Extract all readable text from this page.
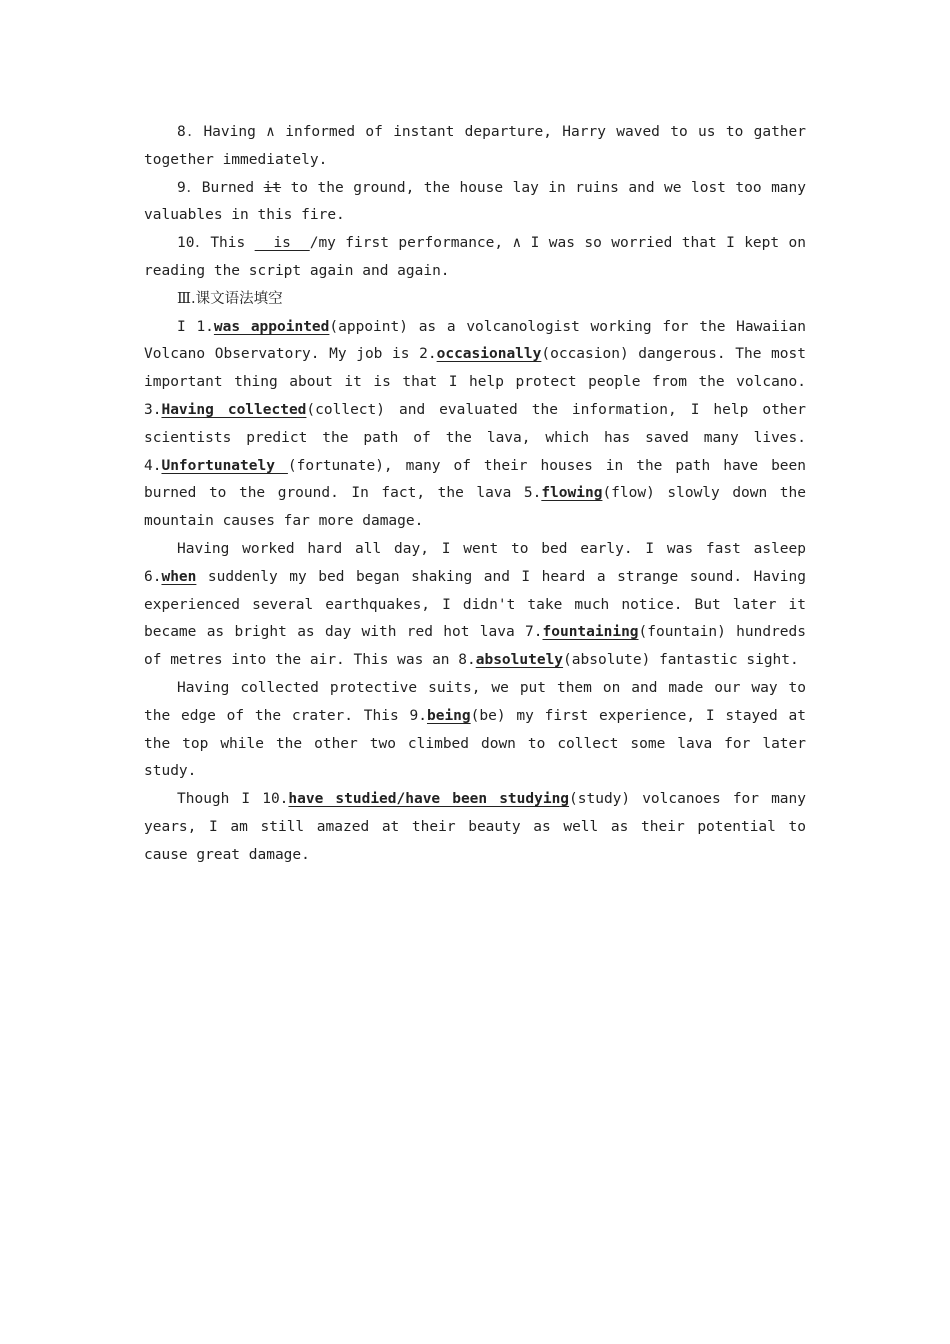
8．Having ∧ informed of instant departure, Harry waved to us to gather together immediately.

9．Burned it to the ground, the house lay in ruins and we lost too many valuables in this fire.

10．This   is  /my first performance, ∧ I was so worried that I kept on reading the script again and again.

Ⅲ.课文语法填空

I 1.was appointed(appoint) as a volcanologist working for the Hawaiian Volcano Observatory. My job is 2.occasionally(occasion) dangerous. The most important thing about it is that I help protect people from the volcano. 3.Having collected(collect) and evaluated the information, I help other scientists predict the path of the lava, which has saved many lives. 4.Unfortunately (fortunate), many of their houses in the path have been burned to the ground. In fact, the lava 5.flowing(flow) slowly down the mountain causes far more damage.

Having worked hard all day, I went to bed early. I was fast asleep 6.when suddenly my bed began shaking and I heard a strange sound. Having experienced several earthquakes, I didn't take much notice. But later it became as bright as day with red hot lava 7.fountaining(fountain) hundreds of metres into the air. This was an 8.absolutely(absolute) fantastic sight.

Having collected protective suits, we put them on and made our way to the edge of the crater. This 9.being(be) my first experience, I stayed at the top while the other two climbed down to collect some lava for later study.

Though I 10.have studied/have been studying(study) volcanoes for many years, I am still amazed at their beauty as well as their potential to cause great damage.
